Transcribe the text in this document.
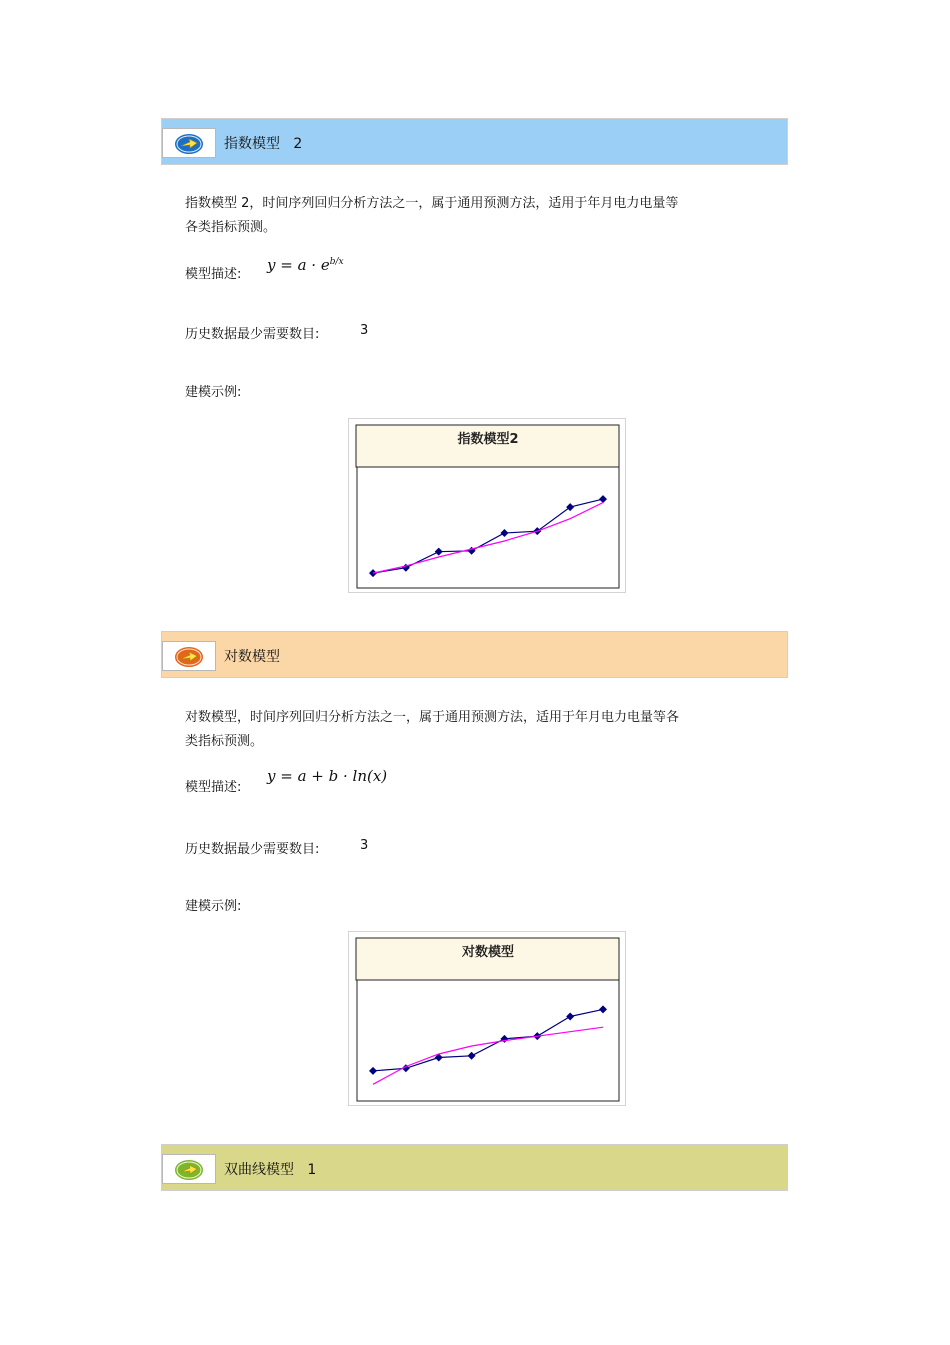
指数模型   2
指数模型 2，时间序列回归分析方法之一，属于通用预测方法，适用于年月电力电量等
各类指标预测。
模型描述:
$y = a \cdot e^{b/x}$
历史数据最少需要数目:	3
建模示例:
指数模型2
对数模型
对数模型，时间序列回归分析方法之一，属于通用预测方法，适用于年月电力电量等各
类指标预测。
模型描述:
y = a + b · ln(x)
历史数据最少需要数目:	3
建模示例:
对数模型
双曲线模型   1
